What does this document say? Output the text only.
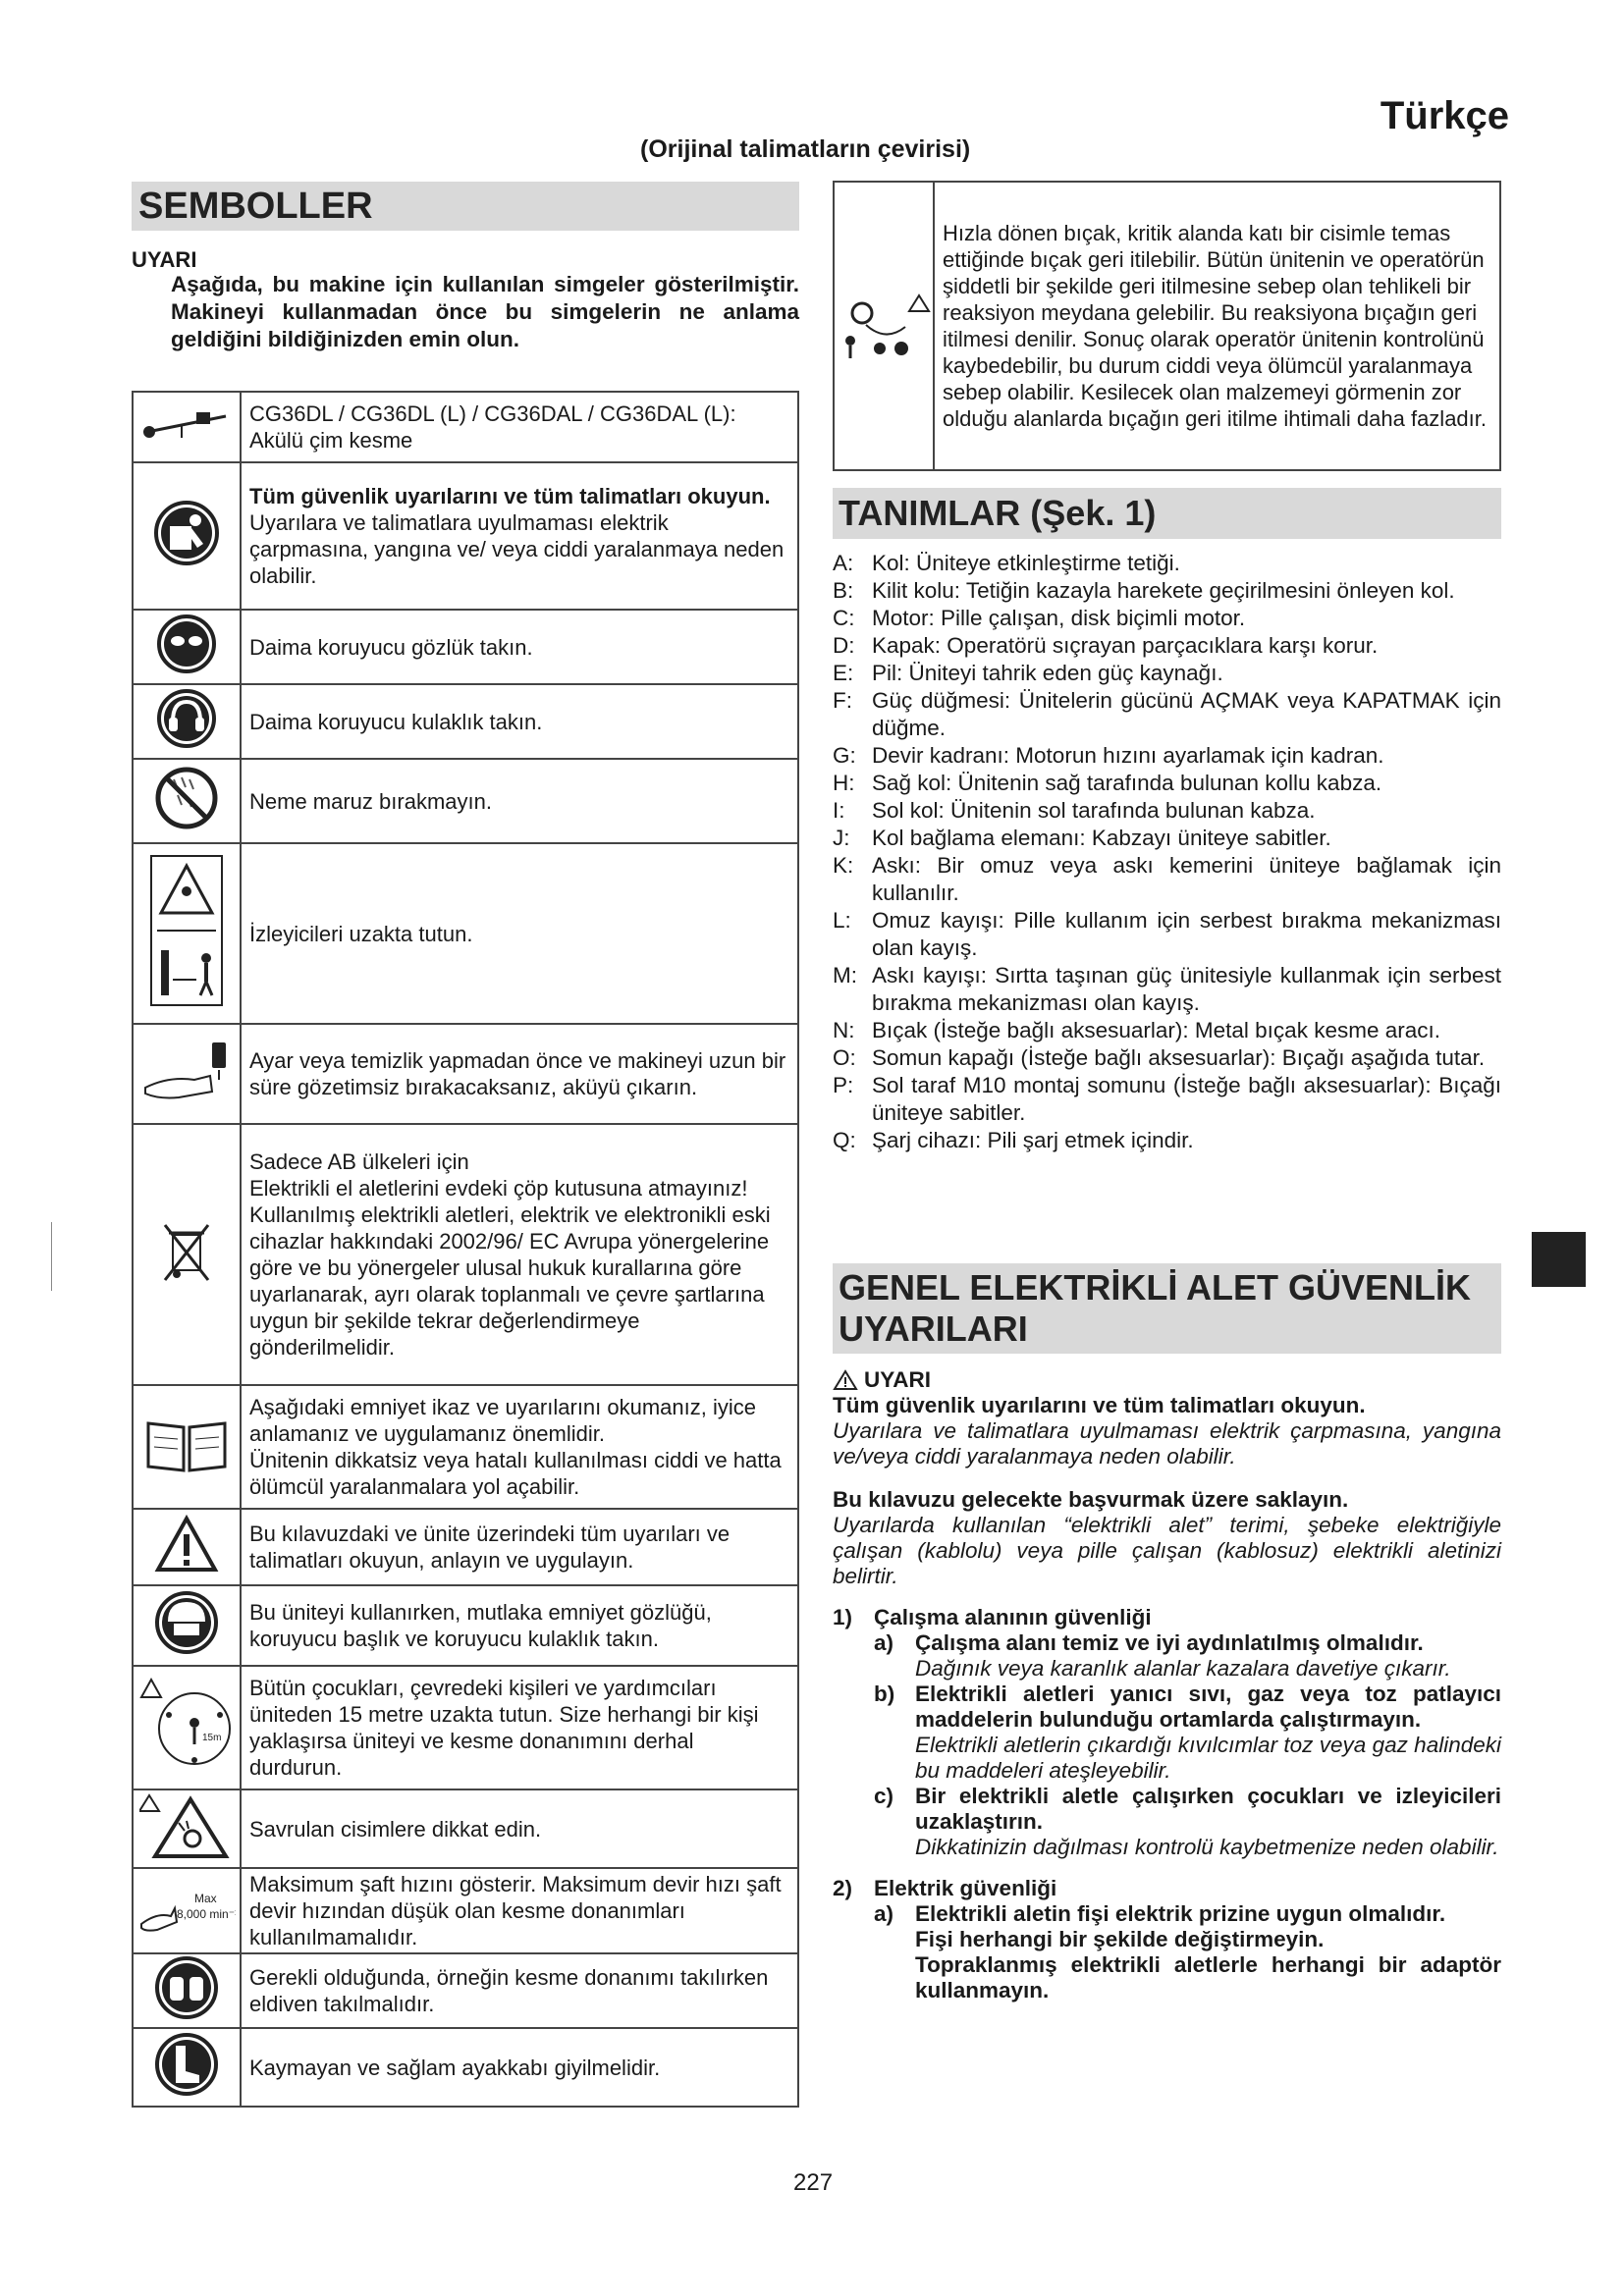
Türkçe
(Orijinal talimatların çevirisi)
SEMBOLLER
UYARI
Aşağıda, bu makine için kullanılan simgeler gösterilmiştir. Makineyi kullanmadan önce bu simgelerin ne anlama geldiğini bildiğinizden emin olun.

CG36DL / CG36DL (L) / CG36DAL / CG36DAL (L): Akülü çim kesme

Tüm güvenlik uyarılarını ve tüm talimatları okuyun.
Uyarılara ve talimatlara uyulmaması elektrik çarpmasına, yangına ve/ veya ciddi yaralanmaya neden olabilir.

Daima koruyucu gözlük takın.

Daima koruyucu kulaklık takın.

Neme maruz bırakmayın.

İzleyicileri uzakta tutun.

Ayar veya temizlik yapmadan önce ve makineyi uzun bir süre gözetimsiz bırakacaksanız, aküyü çıkarın.

Sadece AB ülkeleri için
Elektrikli el aletlerini evdeki çöp kutusuna atmayınız!
Kullanılmış elektrikli aletleri, elektrik ve elektronikli eski cihazlar hakkındaki 2002/96/ EC Avrupa yönergelerine göre ve bu yönergeler ulusal hukuk kurallarına göre uyarlanarak, ayrı olarak toplanmalı ve çevre şartlarına uygun bir şekilde tekrar değerlendirmeye gönderilmelidir.

Aşağıdaki emniyet ikaz ve uyarılarını okumanız, iyice anlamanız ve uygulamanız önemlidir.
Ünitenin dikkatsiz veya hatalı kullanılması ciddi ve hatta ölümcül yaralanmalara yol açabilir.

Bu kılavuzdaki ve ünite üzerindeki tüm uyarıları ve talimatları okuyun, anlayın ve uygulayın.

Bu üniteyi kullanırken, mutlaka emniyet gözlüğü, koruyucu başlık ve koruyucu kulaklık takın.

15m	Bütün çocukları, çevredeki kişileri ve yardımcıları üniteden 15 metre uzakta tutun. Size herhangi bir kişi yaklaşırsa üniteyi ve kesme donanımını derhal durdurun.

Savrulan cisimlere dikkat edin.

Max
8,000 min⁻¹	Maksimum şaft hızını gösterir. Maksimum devir hızı şaft devir hızından düşük olan kesme donanımları kullanılmamalıdır.

Gerekli olduğunda, örneğin kesme donanımı takılırken eldiven takılmalıdır.

Kaymayan ve sağlam ayakkabı giyilmelidir.

Hızla dönen bıçak, kritik alanda katı bir cisimle temas ettiğinde bıçak geri itilebilir. Bütün ünitenin ve operatörün şiddetli bir şekilde geri itilmesine sebep olan tehlikeli bir reaksiyon meydana gelebilir. Bu reaksiyona bıçağın geri itilmesi denilir. Sonuç olarak operatör ünitenin kontrolünü kaybedebilir, bu durum ciddi veya ölümcül yaralanmaya sebep olabilir. Kesilecek olan malzemeyi görmenin zor olduğu alanlarda bıçağın geri itilme ihtimali daha fazladır.
TANIMLAR (Şek. 1)
A: Kol: Üniteye etkinleştirme tetiği.
B: Kilit kolu: Tetiğin kazayla harekete geçirilmesini önleyen kol.
C: Motor: Pille çalışan, disk biçimli motor.
D: Kapak: Operatörü sıçrayan parçacıklara karşı korur.
E: Pil: Üniteyi tahrik eden güç kaynağı.
F: Güç düğmesi: Ünitelerin gücünü AÇMAK veya KAPATMAK için düğme.
G: Devir kadranı: Motorun hızını ayarlamak için kadran.
H: Sağ kol: Ünitenin sağ tarafında bulunan kollu kabza.
I:	Sol kol: Ünitenin sol tarafında bulunan kabza.
J: Kol bağlama elemanı: Kabzayı üniteye sabitler.
K: Askı: Bir omuz veya askı kemerini üniteye bağlamak için kullanılır.
L: Omuz kayışı: Pille kullanım için serbest bırakma mekanizması olan kayış.
M: Askı kayışı: Sırtta taşınan güç ünitesiyle kullanmak için serbest bırakma mekanizması olan kayış.
N: Bıçak (İsteğe bağlı aksesuarlar): Metal bıçak kesme aracı.
O: Somun kapağı (İsteğe bağlı aksesuarlar): Bıçağı aşağıda tutar.
P: Sol taraf M10 montaj somunu (İsteğe bağlı aksesuarlar): Bıçağı üniteye sabitler.
Q: Şarj cihazı: Pili şarj etmek içindir.
GENEL ELEKTRİKLİ ALET GÜVENLİK UYARILARI
UYARI
Tüm güvenlik uyarılarını ve tüm talimatları okuyun.
Uyarılara ve talimatlara uyulmaması elektrik çarpmasına, yangına ve/veya ciddi yaralanmaya neden olabilir.
Bu kılavuzu gelecekte başvurmak üzere saklayın.
Uyarılarda kullanılan “elektrikli alet” terimi, şebeke elektriğiyle çalışan (kablolu) veya pille çalışan (kablosuz) elektrikli aletinizi belirtir.
1) Çalışma alanının güvenliği
a) Çalışma alanı temiz ve iyi aydınlatılmış olmalıdır.
Dağınık veya karanlık alanlar kazalara davetiye çıkarır.
b) Elektrikli aletleri yanıcı sıvı, gaz veya toz patlayıcı maddelerin bulunduğu ortamlarda çalıştırmayın.
Elektrikli aletlerin çıkardığı kıvılcımlar toz veya gaz halindeki bu maddeleri ateşleyebilir.
c) Bir elektrikli aletle çalışırken çocukları ve izleyicileri uzaklaştırın.
Dikkatinizin dağılması kontrolü kaybetmenize neden olabilir.
2) Elektrik güvenliği
a) Elektrikli aletin fişi elektrik prizine uygun olmalıdır.
Fişi herhangi bir şekilde değiştirmeyin.
Topraklanmış elektrikli aletlerle herhangi bir adaptör kullanmayın.
227
